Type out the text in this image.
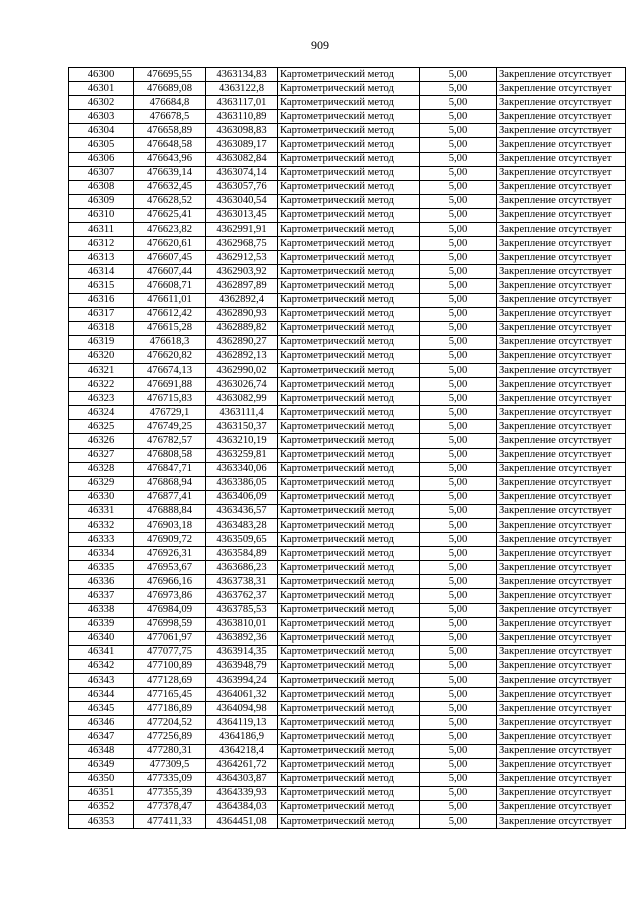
909
46300	476695,55	4363134,83	Картометрический метод	5,00	Закрепление отсутствует
46301	476689,08	4363122,8	Картометрический метод	5,00	Закрепление отсутствует
46302	476684,8	4363117,01	Картометрический метод	5,00	Закрепление отсутствует
46303	476678,5	4363110,89	Картометрический метод	5,00	Закрепление отсутствует
46304	476658,89	4363098,83	Картометрический метод	5,00	Закрепление отсутствует
46305	476648,58	4363089,17	Картометрический метод	5,00	Закрепление отсутствует
46306	476643,96	4363082,84	Картометрический метод	5,00	Закрепление отсутствует
46307	476639,14	4363074,14	Картометрический метод	5,00	Закрепление отсутствует
46308	476632,45	4363057,76	Картометрический метод	5,00	Закрепление отсутствует
46309	476628,52	4363040,54	Картометрический метод	5,00	Закрепление отсутствует
46310	476625,41	4363013,45	Картометрический метод	5,00	Закрепление отсутствует
46311	476623,82	4362991,91	Картометрический метод	5,00	Закрепление отсутствует
46312	476620,61	4362968,75	Картометрический метод	5,00	Закрепление отсутствует
46313	476607,45	4362912,53	Картометрический метод	5,00	Закрепление отсутствует
46314	476607,44	4362903,92	Картометрический метод	5,00	Закрепление отсутствует
46315	476608,71	4362897,89	Картометрический метод	5,00	Закрепление отсутствует
46316	476611,01	4362892,4	Картометрический метод	5,00	Закрепление отсутствует
46317	476612,42	4362890,93	Картометрический метод	5,00	Закрепление отсутствует
46318	476615,28	4362889,82	Картометрический метод	5,00	Закрепление отсутствует
46319	476618,3	4362890,27	Картометрический метод	5,00	Закрепление отсутствует
46320	476620,82	4362892,13	Картометрический метод	5,00	Закрепление отсутствует
46321	476674,13	4362990,02	Картометрический метод	5,00	Закрепление отсутствует
46322	476691,88	4363026,74	Картометрический метод	5,00	Закрепление отсутствует
46323	476715,83	4363082,99	Картометрический метод	5,00	Закрепление отсутствует
46324	476729,1	4363111,4	Картометрический метод	5,00	Закрепление отсутствует
46325	476749,25	4363150,37	Картометрический метод	5,00	Закрепление отсутствует
46326	476782,57	4363210,19	Картометрический метод	5,00	Закрепление отсутствует
46327	476808,58	4363259,81	Картометрический метод	5,00	Закрепление отсутствует
46328	476847,71	4363340,06	Картометрический метод	5,00	Закрепление отсутствует
46329	476868,94	4363386,05	Картометрический метод	5,00	Закрепление отсутствует
46330	476877,41	4363406,09	Картометрический метод	5,00	Закрепление отсутствует
46331	476888,84	4363436,57	Картометрический метод	5,00	Закрепление отсутствует
46332	476903,18	4363483,28	Картометрический метод	5,00	Закрепление отсутствует
46333	476909,72	4363509,65	Картометрический метод	5,00	Закрепление отсутствует
46334	476926,31	4363584,89	Картометрический метод	5,00	Закрепление отсутствует
46335	476953,67	4363686,23	Картометрический метод	5,00	Закрепление отсутствует
46336	476966,16	4363738,31	Картометрический метод	5,00	Закрепление отсутствует
46337	476973,86	4363762,37	Картометрический метод	5,00	Закрепление отсутствует
46338	476984,09	4363785,53	Картометрический метод	5,00	Закрепление отсутствует
46339	476998,59	4363810,01	Картометрический метод	5,00	Закрепление отсутствует
46340	477061,97	4363892,36	Картометрический метод	5,00	Закрепление отсутствует
46341	477077,75	4363914,35	Картометрический метод	5,00	Закрепление отсутствует
46342	477100,89	4363948,79	Картометрический метод	5,00	Закрепление отсутствует
46343	477128,69	4363994,24	Картометрический метод	5,00	Закрепление отсутствует
46344	477165,45	4364061,32	Картометрический метод	5,00	Закрепление отсутствует
46345	477186,89	4364094,98	Картометрический метод	5,00	Закрепление отсутствует
46346	477204,52	4364119,13	Картометрический метод	5,00	Закрепление отсутствует
46347	477256,89	4364186,9	Картометрический метод	5,00	Закрепление отсутствует
46348	477280,31	4364218,4	Картометрический метод	5,00	Закрепление отсутствует
46349	477309,5	4364261,72	Картометрический метод	5,00	Закрепление отсутствует
46350	477335,09	4364303,87	Картометрический метод	5,00	Закрепление отсутствует
46351	477355,39	4364339,93	Картометрический метод	5,00	Закрепление отсутствует
46352	477378,47	4364384,03	Картометрический метод	5,00	Закрепление отсутствует
46353	477411,33	4364451,08	Картометрический метод	5,00	Закрепление отсутствует
